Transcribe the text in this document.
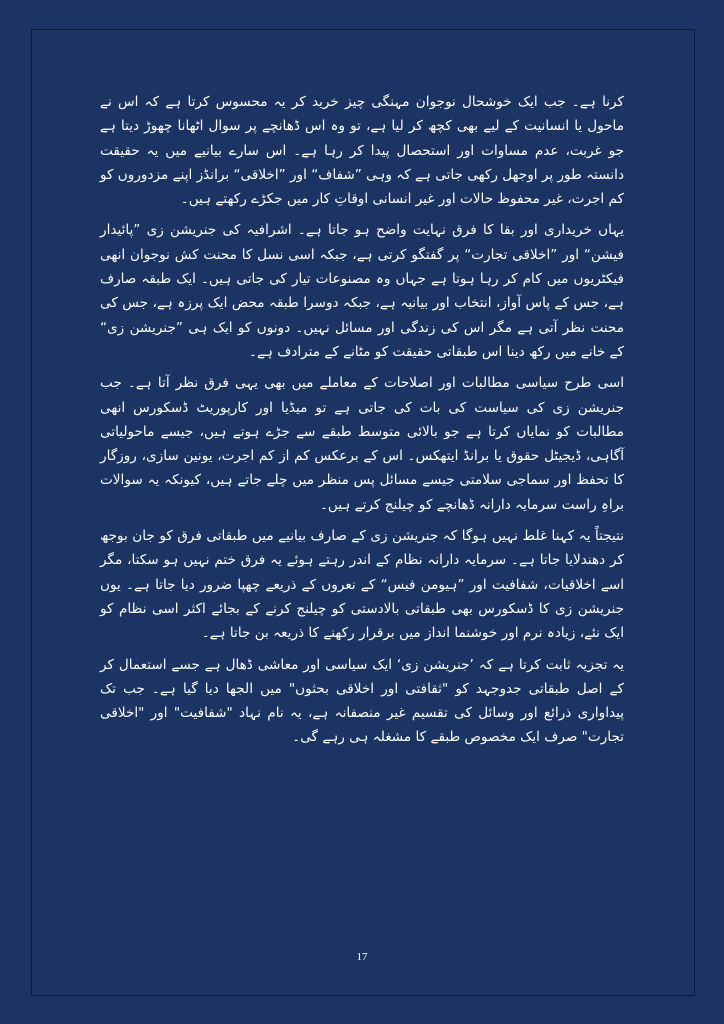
کرنا ہے۔ جب ایک خوشحال نوجوان مہنگی چیز خرید کر یہ محسوس کرتا ہے کہ اس نے ماحول یا انسانیت کے لیے بھی کچھ کر لیا ہے، تو وہ اس ڈھانچے پر سوال اٹھانا چھوڑ دیتا ہے جو غربت، عدم مساوات اور استحصال پیدا کر رہا ہے۔ اس سارے بیانیے میں یہ حقیقت دانستہ طور پر اوجھل رکھی جاتی ہے کہ وہی ”شفاف“ اور ”اخلاقی“ برانڈز اپنے مزدوروں کو کم اجرت، غیر محفوظ حالات اور غیر انسانی اوقاتِ کار میں جکڑے رکھتے ہیں۔

یہاں خریداری اور بقا کا فرق نہایت واضح ہو جاتا ہے۔ اشرافیہ کی جنریشن زی ”پائیدار فیشن“ اور ”اخلاقی تجارت“ پر گفتگو کرتی ہے، جبکہ اسی نسل کا محنت کش نوجوان انھی فیکٹریوں میں کام کر رہا ہوتا ہے جہاں وہ مصنوعات تیار کی جاتی ہیں۔ ایک طبقہ صارف ہے، جس کے پاس آواز، انتخاب اور بیانیہ ہے، جبکہ دوسرا طبقہ محض ایک پرزہ ہے، جس کی محنت نظر آتی ہے مگر اس کی زندگی اور مسائل نہیں۔ دونوں کو ایک ہی ”جنریشن زی“ کے خانے میں رکھ دینا اس طبقاتی حقیقت کو مٹانے کے مترادف ہے۔

اسی طرح سیاسی مطالبات اور اصلاحات کے معاملے میں بھی یہی فرق نظر آتا ہے۔ جب جنریشن زی کی سیاست کی بات کی جاتی ہے تو میڈیا اور کارپوریٹ ڈسکورس انھی مطالبات کو نمایاں کرتا ہے جو بالائی متوسط طبقے سے جڑے ہوتے ہیں، جیسے ماحولیاتی آگاہی، ڈیجیٹل حقوق یا برانڈ ایتھکس۔ اس کے برعکس کم از کم اجرت، یونین سازی، روزگار کا تحفظ اور سماجی سلامتی جیسے مسائل پس منظر میں چلے جاتے ہیں، کیونکہ یہ سوالات براہِ راست سرمایہ دارانہ ڈھانچے کو چیلنج کرتے ہیں۔

نتیجتاً یہ کہنا غلط نہیں ہوگا کہ جنریشن زی کے صارف بیانیے میں طبقاتی فرق کو جان بوجھ کر دھندلایا جاتا ہے۔ سرمایہ دارانہ نظام کے اندر رہتے ہوئے یہ فرق ختم نہیں ہو سکتا، مگر اسے اخلاقیات، شفافیت اور ”ہیومن فیس“ کے نعروں کے ذریعے چھپا ضرور دیا جاتا ہے۔ یوں جنریشن زی کا ڈسکورس بھی طبقاتی بالادستی کو چیلنج کرنے کے بجائے اکثر اسی نظام کو ایک نئے، زیادہ نرم اور خوشنما انداز میں برقرار رکھنے کا ذریعہ بن جاتا ہے۔

یہ تجزیہ ثابت کرتا ہے کہ ’جنریشن زی‘ ایک سیاسی اور معاشی ڈھال ہے جسے استعمال کر کے اصل طبقاتی جدوجہد کو "ثقافتی اور اخلاقی بحثوں" میں الجھا دیا گیا ہے۔ جب تک پیداواری ذرائع اور وسائل کی تقسیم غیر منصفانہ ہے، یہ نام نہاد "شفافیت" اور "اخلاقی تجارت" صرف ایک مخصوص طبقے کا مشغلہ ہی رہے گی۔

17
